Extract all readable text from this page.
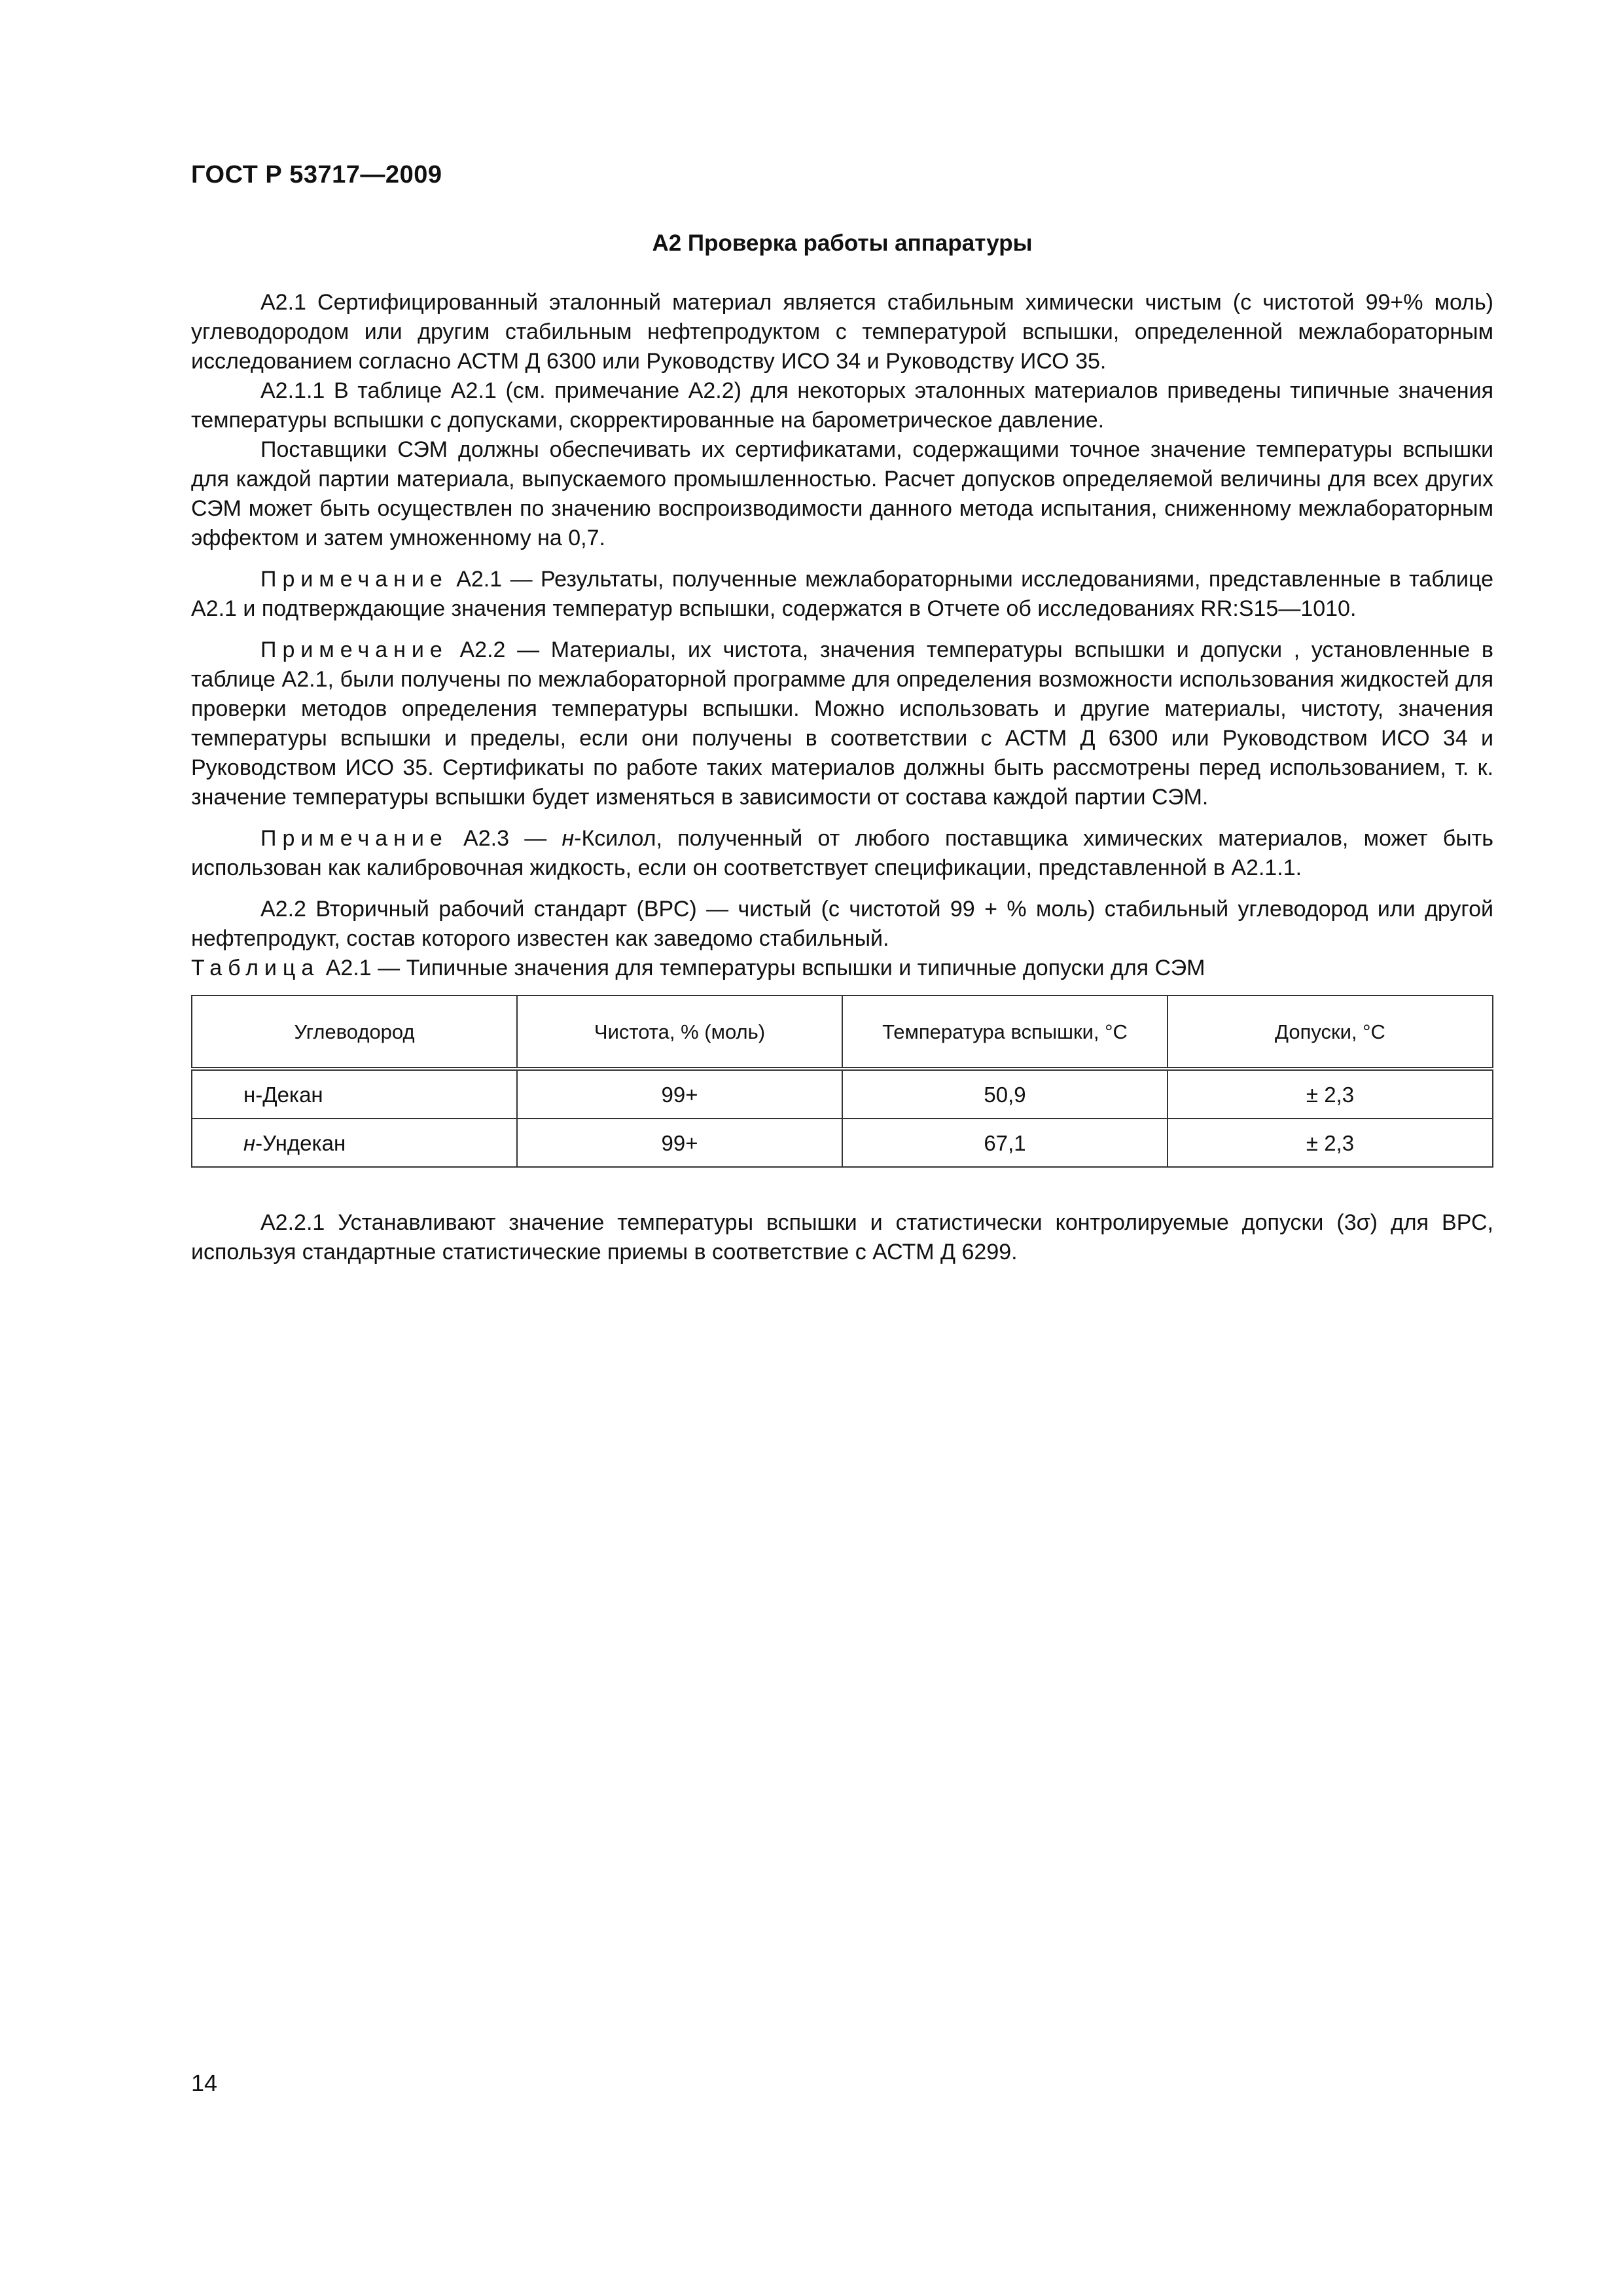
ГОСТ Р 53717—2009
А2 Проверка работы аппаратуры

А2.1 Сертифицированный эталонный материал является стабильным химически чистым (с чистотой 99+% моль) углеводородом или другим стабильным нефтепродуктом с температурой вспышки, определенной межлабораторным исследованием согласно АСТМ Д 6300 или Руководству ИСО 34 и Руководству ИСО 35.

А2.1.1 В таблице А2.1 (см. примечание А2.2) для некоторых эталонных материалов приведены типичные значения температуры вспышки с допусками, скорректированные на барометрическое давление.

Поставщики СЭМ должны обеспечивать их сертификатами, содержащими точное значение температуры вспышки для каждой партии материала, выпускаемого промышленностью. Расчет допусков определяемой величины для всех других СЭМ может быть осуществлен по значению воспроизводимости данного метода испытания, сниженному межлабораторным эффектом и затем умноженному на 0,7.

Примечание А2.1 — Результаты, полученные межлабораторными исследованиями, представленные в таблице А2.1 и подтверждающие значения температур вспышки, содержатся в Отчете об исследованиях RR:S15—1010.

Примечание А2.2 — Материалы, их чистота, значения температуры вспышки и допуски , установленные в таблице А2.1, были получены по межлабораторной программе для определения возможности использования жидкостей для проверки методов определения температуры вспышки. Можно использовать и другие материалы, чистоту, значения температуры вспышки и пределы, если они получены в соответствии с АСТМ Д 6300 или Руководством ИСО 34 и Руководством ИСО 35. Сертификаты по работе таких материалов должны быть рассмотрены перед использованием, т. к. значение температуры вспышки будет изменяться в зависимости от состава каждой партии СЭМ.

Примечание А2.3 — н-Ксилол, полученный от любого поставщика химических материалов, может быть использован как калибровочная жидкость, если он соответствует спецификации, представленной в А2.1.1.

А2.2 Вторичный рабочий стандарт (ВРС) — чистый (с чистотой 99 + % моль) стабильный углеводород или другой нефтепродукт, состав которого известен как заведомо стабильный.

Таблица А2.1 — Типичные значения для температуры вспышки и типичные допуски для СЭМ

Углеводород	Чистота, % (моль)	Температура вспышки, °С	Допуски, °С
н-Декан	99+	50,9	± 2,3
н-Ундекан	99+	67,1	± 2,3

А2.2.1 Устанавливают значение температуры вспышки и статистически контролируемые допуски (3σ) для ВРС, используя стандартные статистические приемы в соответствие с АСТМ Д 6299.

14
